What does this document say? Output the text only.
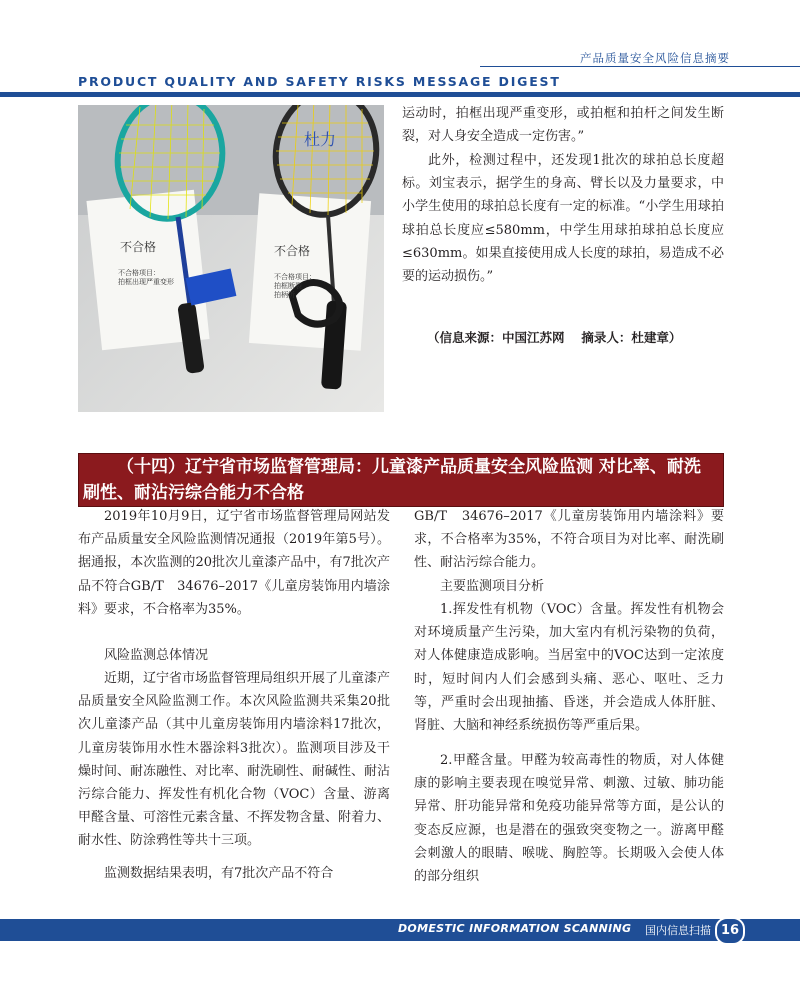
产品质量安全风险信息摘要
PRODUCT QUALITY AND SAFETY RISKS MESSAGE DIGEST
杜力
不合格
不合格项目：拍框出现严重变形
不合格
不合格项目：拍框断裂拍柄折

运动时，拍框出现严重变形，或拍框和拍杆之间发生断裂，对人身安全造成一定伤害。”

此外，检测过程中，还发现1批次的球拍总长度超标。刘宝表示，据学生的身高、臂长以及力量要求，中小学生使用的球拍总长度有一定的标准。“小学生用球拍球拍总长度应≤580mm，中学生用球拍球拍总长度应≤630mm。如果直接使用成人长度的球拍，易造成不必要的运动损伤。”

（信息来源：中国江苏网　 摘录人：杜建章）

（十四）辽宁省市场监督管理局：儿童漆产品质量安全风险监测 对比率、耐洗刷性、耐沾污综合能力不合格

2019年10月9日，辽宁省市场监督管理局网站发布产品质量安全风险监测情况通报（2019年第5号）。据通报，本次监测的20批次儿童漆产品中，有7批次产品不符合GB/T　34676–2017《儿童房装饰用内墙涂料》要求，不合格率为35%。

风险监测总体情况

近期，辽宁省市场监督管理局组织开展了儿童漆产品质量安全风险监测工作。本次风险监测共采集20批次儿童漆产品（其中儿童房装饰用内墙涂料17批次，儿童房装饰用水性木器涂料3批次）。监测项目涉及干燥时间、耐冻融性、对比率、耐洗刷性、耐碱性、耐沾污综合能力、挥发性有机化合物（VOC）含量、游离甲醛含量、可溶性元素含量、不挥发物含量、附着力、耐水性、防涂鸦性等共十三项。

监测数据结果表明，有7批次产品不符合

GB/T　34676–2017《儿童房装饰用内墙涂料》要求，不合格率为35%，不符合项目为对比率、耐洗刷性、耐沾污综合能力。

主要监测项目分析

1.挥发性有机物（VOC）含量。挥发性有机物会对环境质量产生污染，加大室内有机污染物的负荷，对人体健康造成影响。当居室中的VOC达到一定浓度时，短时间内人们会感到头痛、恶心、呕吐、乏力等，严重时会出现抽搐、昏迷，并会造成人体肝脏、肾脏、大脑和神经系统损伤等严重后果。

2.甲醛含量。甲醛为较高毒性的物质，对人体健康的影响主要表现在嗅觉异常、刺激、过敏、肺功能异常、肝功能异常和免疫功能异常等方面，是公认的变态反应源，也是潜在的强致突变物之一。游离甲醛会刺激人的眼睛、喉咙、胸腔等。长期吸入会使人体的部分组织

DOMESTIC INFORMATION SCANNING 国内信息扫描 16
